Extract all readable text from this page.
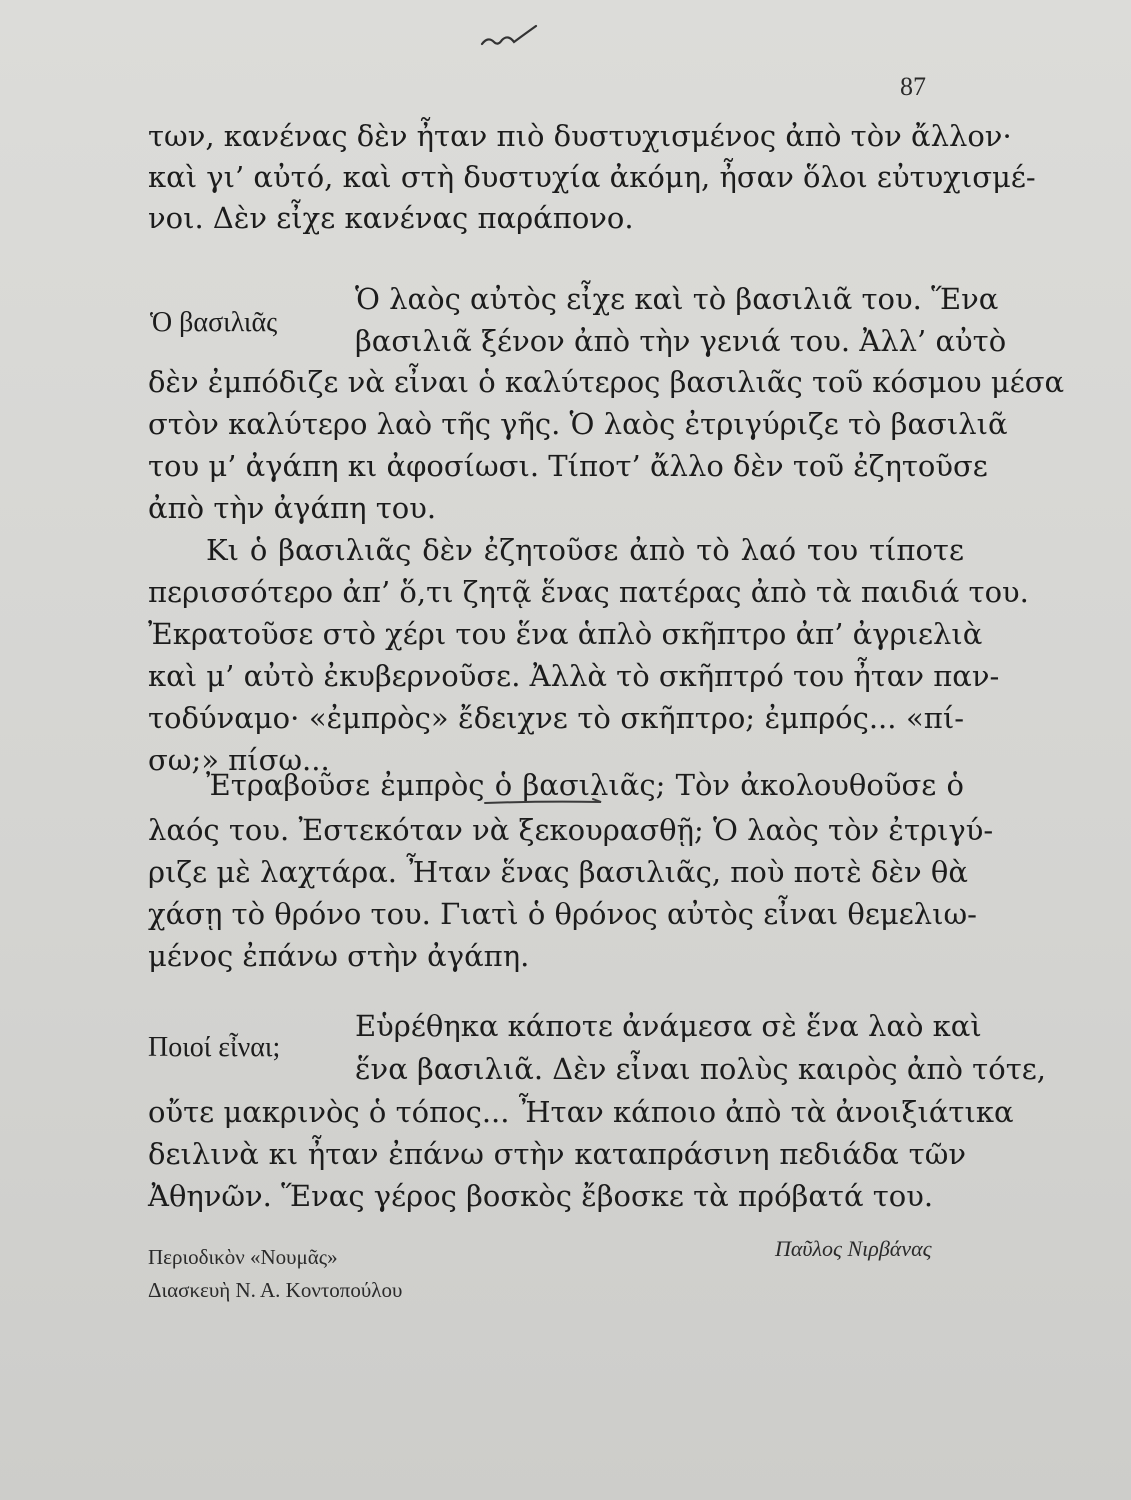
87
των, κανένας δὲν ἦταν πιὸ δυστυχισμένος ἀπὸ τὸν ἄλλον·
καὶ γι’ αὐτό, καὶ στὴ δυστυχία ἀκόμη, ἦσαν ὅλοι εὐτυχισμέ-
νοι. Δὲν εἶχε κανένας παράπονο.
Ὁ βασιλιᾶς
Ὁ λαὸς αὐτὸς εἶχε καὶ τὸ βασιλιᾶ του. Ἕνα
βασιλιᾶ ξένον ἀπὸ τὴν γενιά του. Ἀλλ’ αὐτὸ
δὲν ἐμπόδιζε νὰ εἶναι ὁ καλύτερος βασιλιᾶς τοῦ κόσμου μέσα
στὸν καλύτερο λαὸ τῆς γῆς. Ὁ λαὸς ἐτριγύριζε τὸ βασιλιᾶ
του μ’ ἀγάπη κι ἀφοσίωσι. Τίποτ’ ἄλλο δὲν τοῦ ἐζητοῦσε
ἀπὸ τὴν ἀγάπη του.
Κι ὁ βασιλιᾶς δὲν ἐζητοῦσε ἀπὸ τὸ λαό του τίποτε
περισσότερο ἀπ’ ὅ,τι ζητᾷ ἕνας πατέρας ἀπὸ τὰ παιδιά του.
Ἐκρατοῦσε στὸ χέρι του ἕνα ἁπλὸ σκῆπτρο ἀπ’ ἀγριελιὰ
καὶ μ’ αὐτὸ ἐκυβερνοῦσε. Ἀλλὰ τὸ σκῆπτρό του ἦταν παν-
τοδύναμο· «ἐμπρὸς» ἔδειχνε τὸ σκῆπτρο; ἐμπρός... «πί-
σω;» πίσω...
Ἐτραβοῦσε ἐμπρὸς ὁ βασιλιᾶς; Τὸν ἀκολουθοῦσε ὁ
λαός του. Ἐστεκόταν νὰ ξεκουρασθῇ; Ὁ λαὸς τὸν ἐτριγύ-
ριζε μὲ λαχτάρα. Ἦταν ἕνας βασιλιᾶς, ποὺ ποτὲ δὲν θὰ
χάσῃ τὸ θρόνο του. Γιατὶ ὁ θρόνος αὐτὸς εἶναι θεμελιω-
μένος ἐπάνω στὴν ἀγάπη.
Ποιοί εἶναι;
Εὑρέθηκα κάποτε ἀνάμεσα σὲ ἕνα λαὸ καὶ
ἕνα βασιλιᾶ. Δὲν εἶναι πολὺς καιρὸς ἀπὸ τότε,
οὔτε μακρινὸς ὁ τόπος... Ἦταν κάποιο ἀπὸ τὰ ἀνοιξιάτικα
δειλινὰ κι ἦταν ἐπάνω στὴν καταπράσινη πεδιάδα τῶν
Ἀθηνῶν. Ἕνας γέρος βοσκὸς ἔβοσκε τὰ πρόβατά του.
Περιοδικὸν «Νουμᾶς»
Διασκευὴ Ν. Α. Κοντοπούλου
Παῦλος Νιρβάνας
